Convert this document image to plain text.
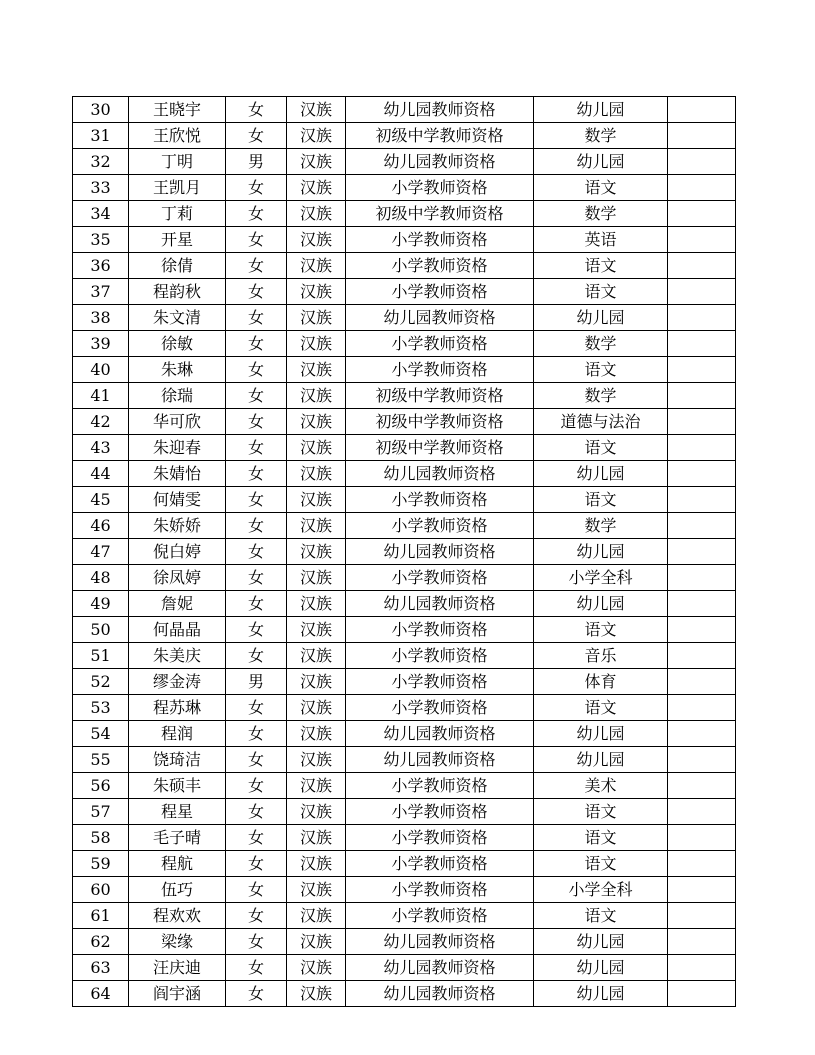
30	王晓宇	女	汉族	幼儿园教师资格	幼儿园	
31	王欣悦	女	汉族	初级中学教师资格	数学	
32	丁明	男	汉族	幼儿园教师资格	幼儿园	
33	王凯月	女	汉族	小学教师资格	语文	
34	丁莉	女	汉族	初级中学教师资格	数学	
35	开星	女	汉族	小学教师资格	英语	
36	徐倩	女	汉族	小学教师资格	语文	
37	程韵秋	女	汉族	小学教师资格	语文	
38	朱文清	女	汉族	幼儿园教师资格	幼儿园	
39	徐敏	女	汉族	小学教师资格	数学	
40	朱琳	女	汉族	小学教师资格	语文	
41	徐瑞	女	汉族	初级中学教师资格	数学	
42	华可欣	女	汉族	初级中学教师资格	道德与法治	
43	朱迎春	女	汉族	初级中学教师资格	语文	
44	朱婧怡	女	汉族	幼儿园教师资格	幼儿园	
45	何婧雯	女	汉族	小学教师资格	语文	
46	朱娇娇	女	汉族	小学教师资格	数学	
47	倪白婷	女	汉族	幼儿园教师资格	幼儿园	
48	徐凤婷	女	汉族	小学教师资格	小学全科	
49	詹妮	女	汉族	幼儿园教师资格	幼儿园	
50	何晶晶	女	汉族	小学教师资格	语文	
51	朱美庆	女	汉族	小学教师资格	音乐	
52	缪金涛	男	汉族	小学教师资格	体育	
53	程苏琳	女	汉族	小学教师资格	语文	
54	程润	女	汉族	幼儿园教师资格	幼儿园	
55	饶琦洁	女	汉族	幼儿园教师资格	幼儿园	
56	朱硕丰	女	汉族	小学教师资格	美术	
57	程星	女	汉族	小学教师资格	语文	
58	毛子晴	女	汉族	小学教师资格	语文	
59	程航	女	汉族	小学教师资格	语文	
60	伍巧	女	汉族	小学教师资格	小学全科	
61	程欢欢	女	汉族	小学教师资格	语文	
62	梁缘	女	汉族	幼儿园教师资格	幼儿园	
63	汪庆迪	女	汉族	幼儿园教师资格	幼儿园	
64	阎宇涵	女	汉族	幼儿园教师资格	幼儿园	
